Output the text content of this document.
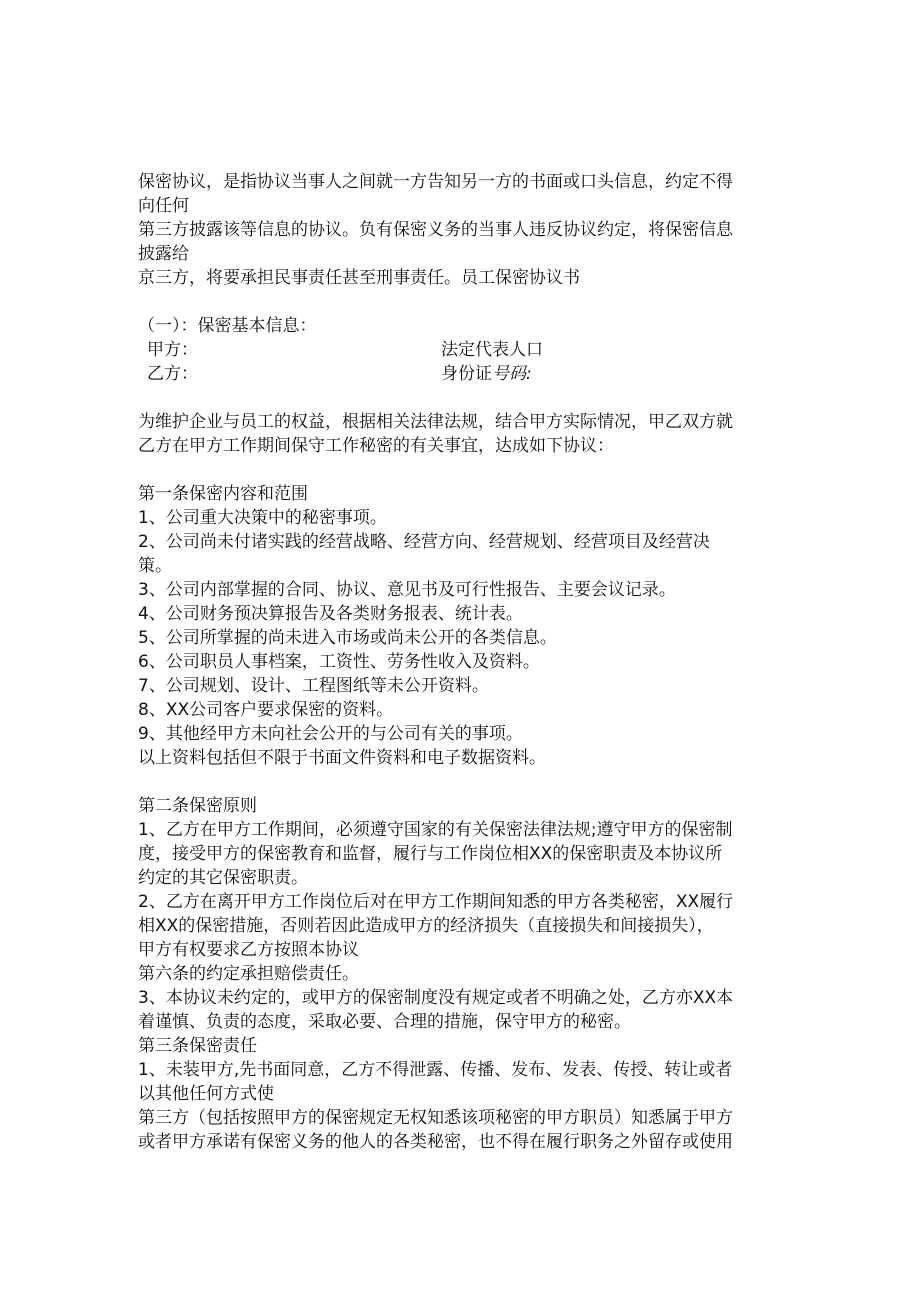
保密协议，是指协议当事人之间就一方告知另一方的书面或口头信息，约定不得
向任何
第三方披露该等信息的协议。负有保密义务的当事人违反协议约定，将保密信息
披露给
京三方，将要承担民事责任甚至刑事责任。员工保密协议书
（一）：保密基本信息：
甲方：	法定代表人口
乙方：	身份证号码:
为维护企业与员工的权益，根据相关法律法规，结合甲方实际情况，甲乙双方就
乙方在甲方工作期间保守工作秘密的有关事宜，达成如下协议：
第一条保密内容和范围
1、公司重大决策中的秘密事项。
2、公司尚未付诸实践的经营战略、经营方向、经营规划、经营项目及经营决
策。
3、公司内部掌握的合同、协议、意见书及可行性报告、主要会议记录。
4、公司财务预决算报告及各类财务报表、统计表。
5、公司所掌握的尚未进入市场或尚未公开的各类信息。
6、公司职员人事档案，工资性、劳务性收入及资料。
7、公司规划、设计、工程图纸等未公开资料。
8、XX公司客户要求保密的资料。
9、其他经甲方未向社会公开的与公司有关的事项。
以上资料包括但不限于书面文件资料和电子数据资料。
第二条保密原则
1、乙方在甲方工作期间，必须遵守国家的有关保密法律法规;遵守甲方的保密制
度，接受甲方的保密教育和监督，履行与工作岗位相XX的保密职责及本协议所
约定的其它保密职责。
2、乙方在离开甲方工作岗位后对在甲方工作期间知悉的甲方各类秘密，XX履行
相XX的保密措施，否则若因此造成甲方的经济损失（直接损失和间接损失），
甲方有权要求乙方按照本协议
第六条的约定承担赔偿责任。
3、本协议未约定的，或甲方的保密制度没有规定或者不明确之处，乙方亦XX本
着谨慎、负责的态度，采取必要、合理的措施，保守甲方的秘密。
第三条保密责任
1、未装甲方,先书面同意，乙方不得泄露、传播、发布、发表、传授、转让或者
以其他任何方式使
第三方（包括按照甲方的保密规定无权知悉该项秘密的甲方职员）知悉属于甲方
或者甲方承诺有保密义务的他人的各类秘密，也不得在履行职务之外留存或使用
